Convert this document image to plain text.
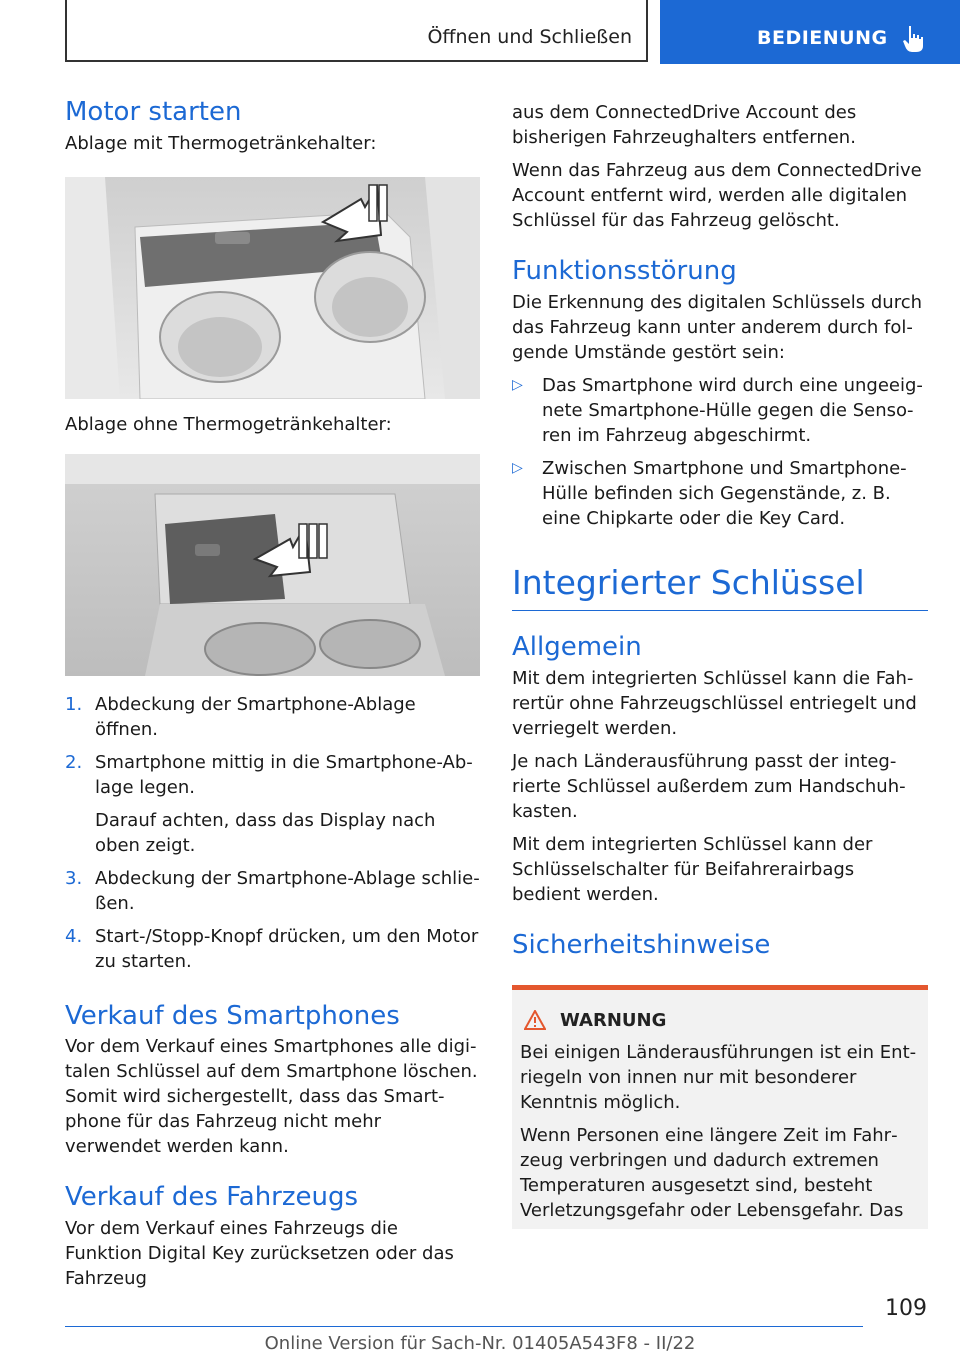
Öffnen und Schließen	BEDIENUNG
Motor starten

Ablage mit Thermogetränkehalter:

Ablage ohne Thermogetränkehalter:

1. Abdeckung der Smartphone-Ablage öffnen.
2. Smartphone mittig in die Smartphone-Ablage legen.
Darauf achten, dass das Display nach oben zeigt.
3. Abdeckung der Smartphone-Ablage schließen.
4. Start-/Stopp-Knopf drücken, um den Motor zu starten.
Verkauf des Smartphones

Vor dem Verkauf eines Smartphones alle digitalen Schlüssel auf dem Smartphone löschen. Somit wird sichergestellt, dass das Smartphone für das Fahrzeug nicht mehr verwendet werden kann.

Verkauf des Fahrzeugs

Vor dem Verkauf eines Fahrzeugs die Funktion Digital Key zurücksetzen oder das Fahrzeug

aus dem ConnectedDrive Account des bisherigen Fahrzeughalters entfernen.

Wenn das Fahrzeug aus dem ConnectedDrive Account entfernt wird, werden alle digitalen Schlüssel für das Fahrzeug gelöscht.

Funktionsstörung

Die Erkennung des digitalen Schlüssels durch das Fahrzeug kann unter anderem durch folgende Umstände gestört sein:

▷ Das Smartphone wird durch eine ungeeignete Smartphone-Hülle gegen die Sensoren im Fahrzeug abgeschirmt.
▷ Zwischen Smartphone und Smartphone-Hülle befinden sich Gegenstände, z. B. eine Chipkarte oder die Key Card.
Integrierter Schlüssel
Allgemein

Mit dem integrierten Schlüssel kann die Fahrertür ohne Fahrzeugschlüssel entriegelt und verriegelt werden.

Je nach Länderausführung passt der integrierte Schlüssel außerdem zum Handschuhkasten.

Mit dem integrierten Schlüssel kann der Schlüsselschalter für Beifahrerairbags bedient werden.

Sicherheitshinweise
WARNUNG

Bei einigen Länderausführungen ist ein Entriegeln von innen nur mit besonderer Kenntnis möglich.

Wenn Personen eine längere Zeit im Fahrzeug verbringen und dadurch extremen Temperaturen ausgesetzt sind, besteht Verletzungsgefahr oder Lebensgefahr. Das

109
Online Version für Sach-Nr. 01405A543F8 - II/22
